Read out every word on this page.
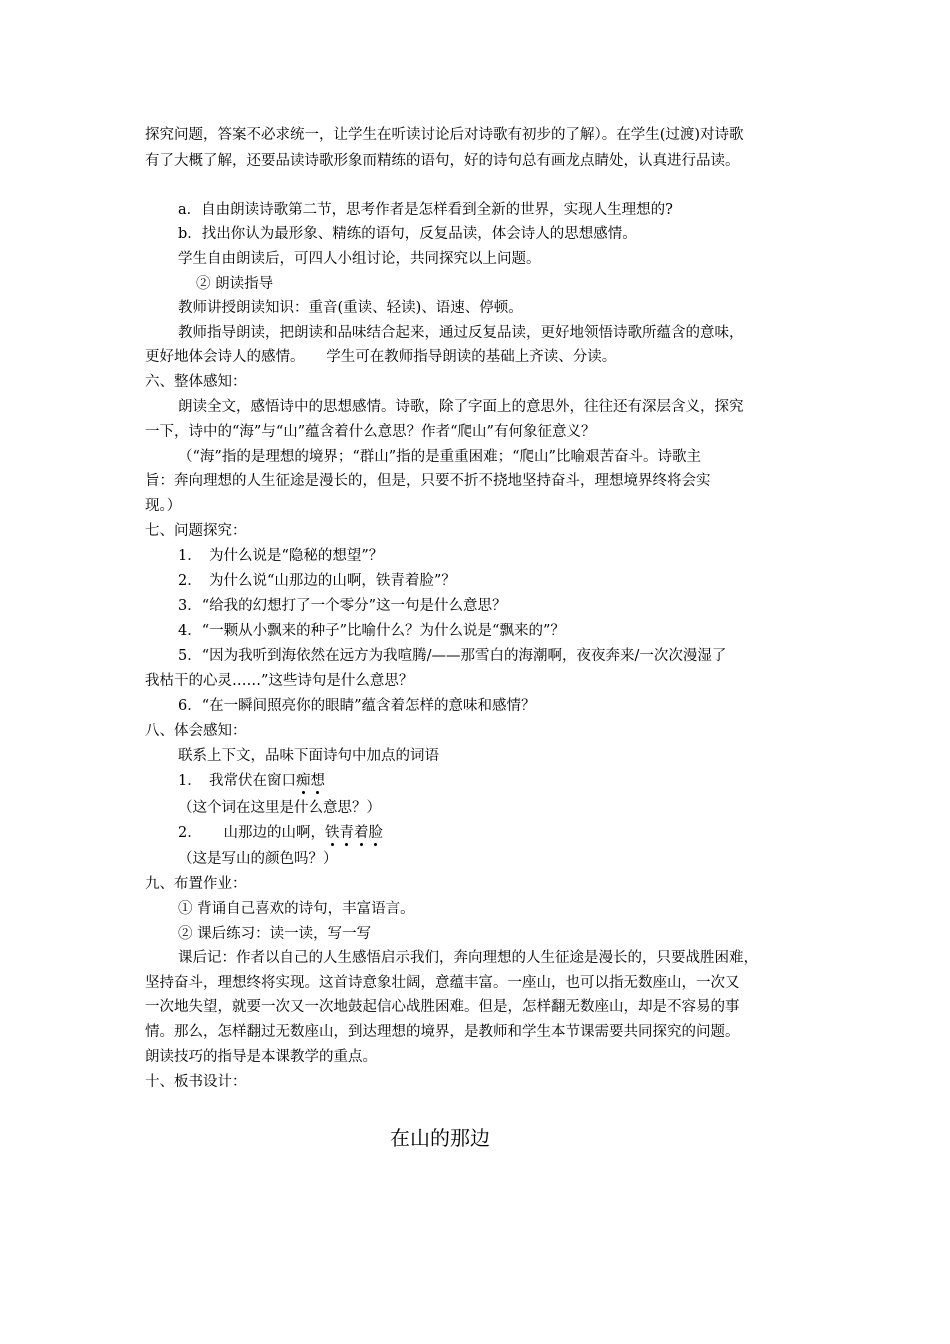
探究问题，答案不必求统一，让学生在听读讨论后对诗歌有初步的了解）。在学生(过渡)对诗歌
有了大概了解，还要品读诗歌形象而精练的语句，好的诗句总有画龙点睛处，认真进行品读。
a．自由朗读诗歌第二节，思考作者是怎样看到全新的世界，实现人生理想的?
b．找出你认为最形象、精练的语句，反复品读，体会诗人的思想感情。
学生自由朗读后，可四人小组讨论，共同探究以上问题。
② 朗读指导
教师讲授朗读知识：重音(重读、轻读)、语速、停顿。
教师指导朗读，把朗读和品味结合起来，通过反复品读，更好地领悟诗歌所蕴含的意味，
更好地体会诗人的感情。　　学生可在教师指导朗读的基础上齐读、分读。
六、整体感知：
朗读全文，感悟诗中的思想感情。诗歌，除了字面上的意思外，往往还有深层含义，探究
一下，诗中的“海”与“山”蕴含着什么意思？作者“爬山”有何象征意义？
（“海”指的是理想的境界；“群山”指的是重重困难；“爬山”比喻艰苦奋斗。诗歌主
旨：奔向理想的人生征途是漫长的，但是，只要不折不挠地坚持奋斗，理想境界终将会实
现。）
七、问题探究：
1．　为什么说是“隐秘的想望”？
2．　为什么说“山那边的山啊，铁青着脸”？
3．“给我的幻想打了一个零分”这一句是什么意思？
4．“一颗从小飘来的种子”比喻什么？为什么说是“飘来的”？
5．“因为我听到海依然在远方为我喧腾/——那雪白的海潮啊，夜夜奔来/一次次漫湿了
我枯干的心灵……”这些诗句是什么意思？
6．“在一瞬间照亮你的眼睛”蕴含着怎样的意味和感情？
八、体会感知：
联系上下文，品味下面诗句中加点的词语
1．　我常伏在窗口痴
想
（这个词在这里是什么意思？）
2．　　山那边的山啊，铁
青
着
脸
（这是写山的颜色吗？）
九、布置作业：
① 背诵自己喜欢的诗句，丰富语言。
② 课后练习：读一读，写一写
课后记：作者以自己的人生感悟启示我们，奔向理想的人生征途是漫长的，只要战胜困难，
坚持奋斗，理想终将实现。这首诗意象壮阔，意蕴丰富。一座山，也可以指无数座山，一次又
一次地失望，就要一次又一次地鼓起信心战胜困难。但是，怎样翻无数座山，却是不容易的事
情。那么，怎样翻过无数座山，到达理想的境界，是教师和学生本节课需要共同探究的问题。
朗读技巧的指导是本课教学的重点。
十、板书设计：
在山的那边
